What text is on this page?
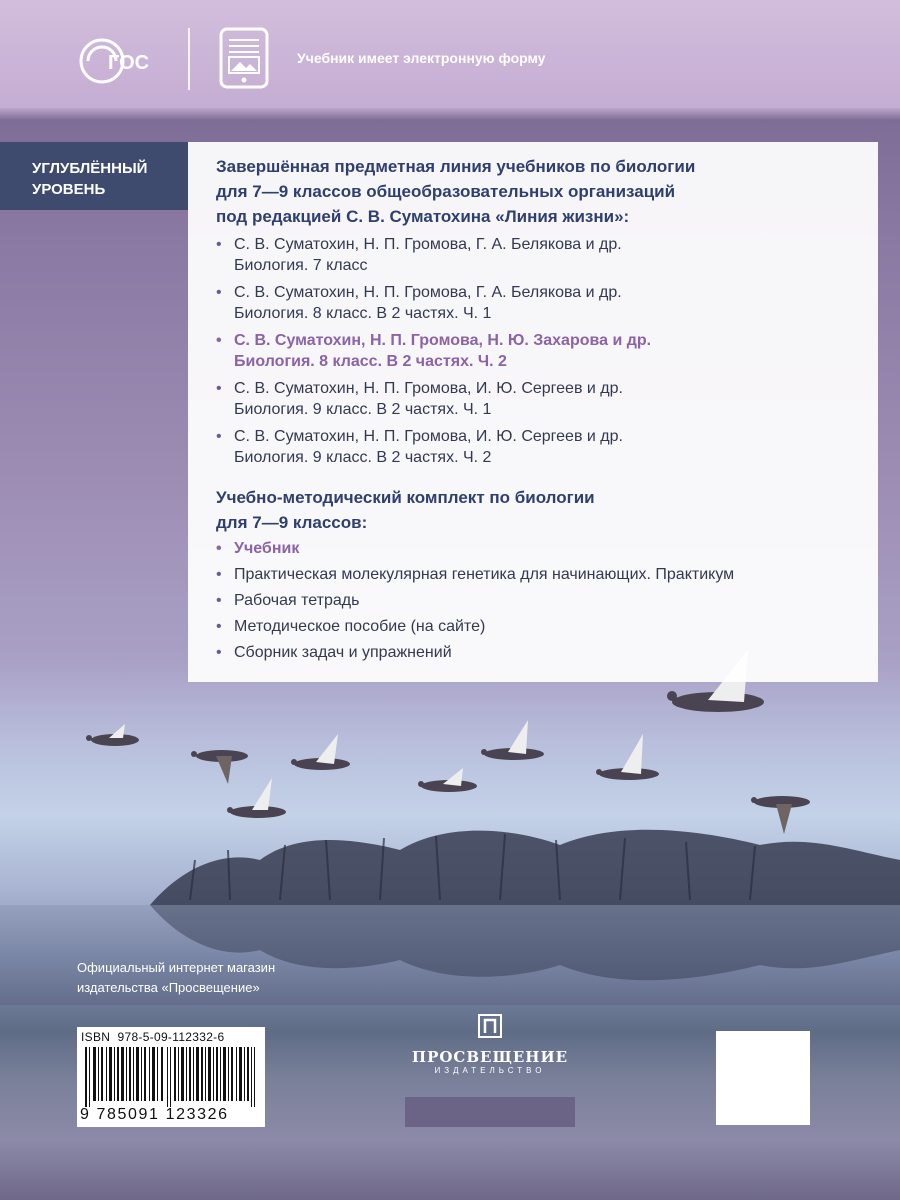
ГОС	Учебник имеет электронную форму
УГЛУБЛЁННЫЙ
УРОВЕНЬ
Завершённая предметная линия учебников по биологии
для 7—9 классов общеобразовательных организаций
под редакцией С. В. Суматохина «Линия жизни»:
• С. В. Суматохин, Н. П. Громова, Г. А. Белякова и др.
Биология. 7 класс
• С. В. Суматохин, Н. П. Громова, Г. А. Белякова и др.
Биология. 8 класс. В 2 частях. Ч. 1
• С. В. Суматохин, Н. П. Громова, Н. Ю. Захарова и др.
Биология. 8 класс. В 2 частях. Ч. 2
• С. В. Суматохин, Н. П. Громова, И. Ю. Сергеев и др.
Биология. 9 класс. В 2 частях. Ч. 1
• С. В. Суматохин, Н. П. Громова, И. Ю. Сергеев и др.
Биология. 9 класс. В 2 частях. Ч. 2
Учебно-методический комплект по биологии
для 7—9 классов:
• Учебник
• Практическая молекулярная генетика для начинающих. Практикум
• Рабочая тетрадь
• Методическое пособие (на сайте)
• Сборник задач и упражнений
Официальный интернет магазин
издательства «Просвещение»
ISBN 978-5-09-112332-6
9 785091 123326
ПРОСВЕЩЕНИЕ
ИЗДАТЕЛЬСТВО
